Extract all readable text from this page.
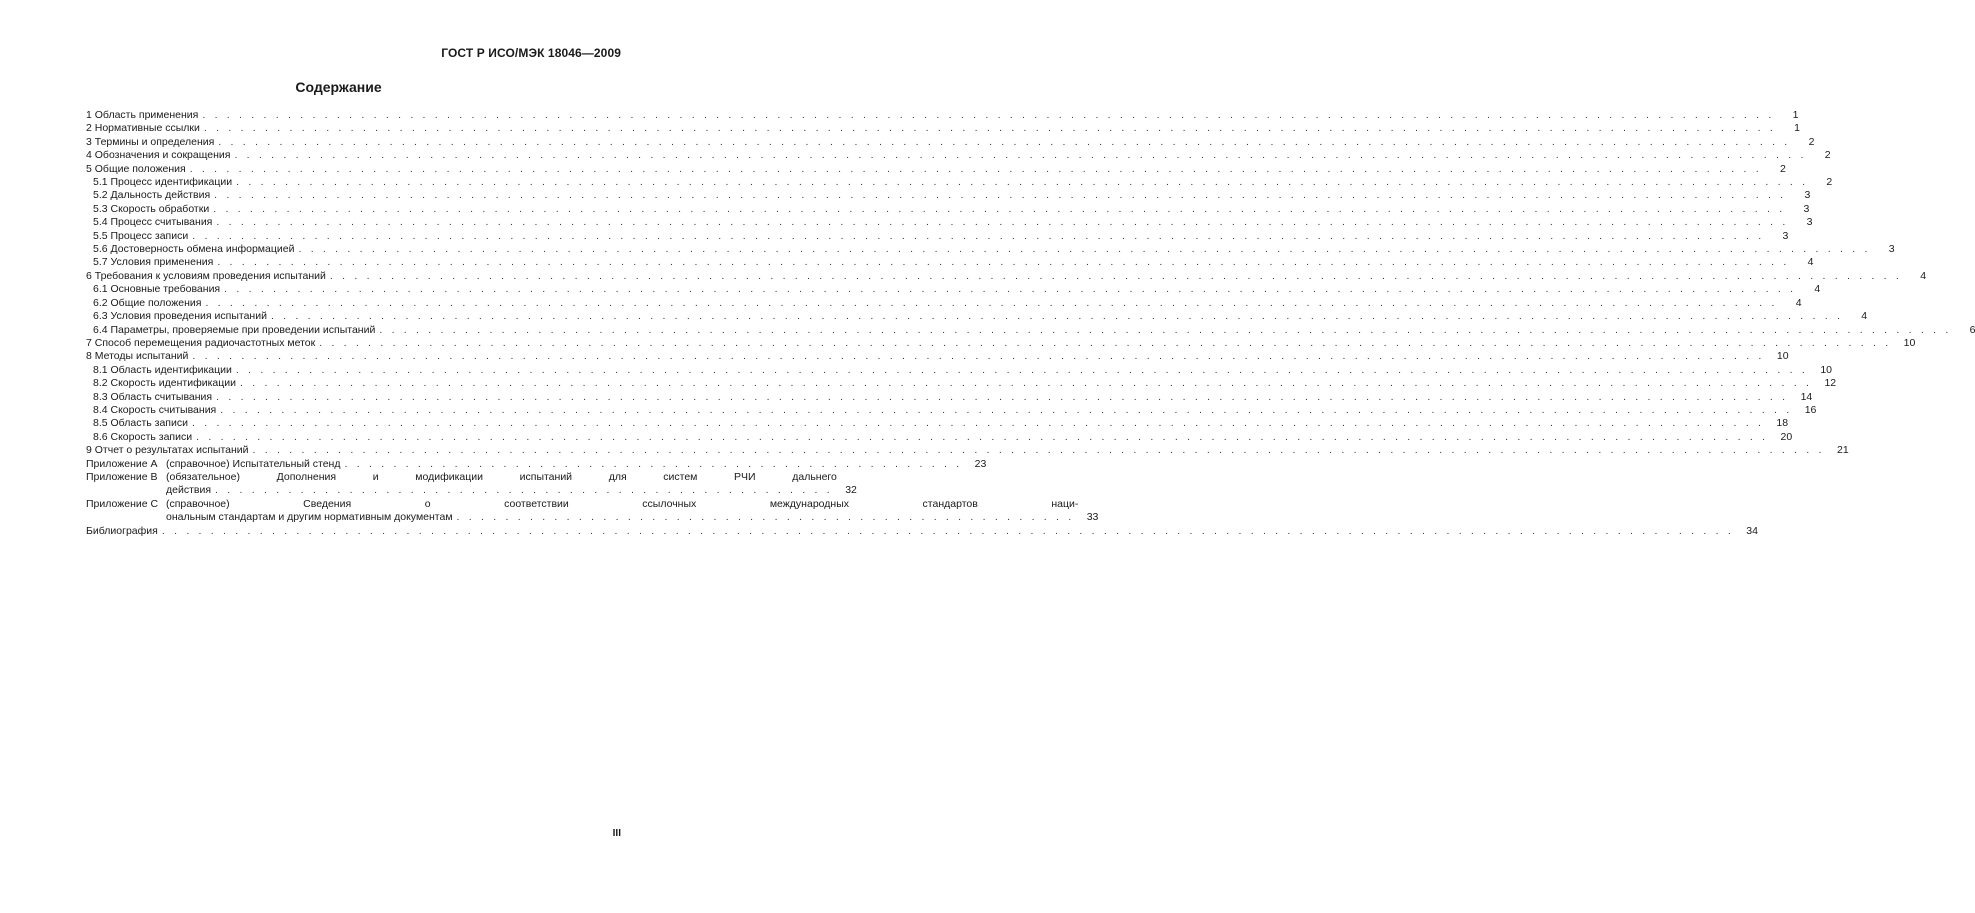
ГОСТ Р ИСО/МЭК 18046—2009
Содержание
1 Область применения . . .	1
2 Нормативные ссылки . . .	1
3 Термины и определения . . .	2
4 Обозначения и сокращения . . .	2
5 Общие положения . . .	2
5.1 Процесс идентификации . . .	2
5.2 Дальность действия . . .	3
5.3 Скорость обработки . . .	3
5.4 Процесс считывания . . .	3
5.5 Процесс записи . . .	3
5.6 Достоверность обмена информацией . . .	3
5.7 Условия применения . . .	4
6 Требования к условиям проведения испытаний . . .	4
6.1 Основные требования . . .	4
6.2 Общие положения . . .	4
6.3 Условия проведения испытаний . . .	4
6.4 Параметры, проверяемые при проведении испытаний . . .	6
7 Способ перемещения радиочастотных меток . . .	10
8 Методы испытаний . . .	10
8.1 Область идентификации . . .	10
8.2 Скорость идентификации . . .	12
8.3 Область считывания . . .	14
8.4 Скорость считывания . . .	16
8.5 Область записи . . .	18
8.6 Скорость записи . . .	20
9 Отчет о результатах испытаний . . .	21
Приложение А (справочное) Испытательный стенд . . . . . . . . . . . . . . . . . . . . . . . . . . . . . . . . . . . . . . . . . . . . . . . . . . .	23
Приложение В (обязательное) Дополнения и модификации испытаний для систем РЧИ дальнего
действия . . . . . . . . . . . . . . . . . . . . . . . . . . . . . . . . . . . . . . . . . . . . . . . . . . .	32
Приложение С (справочное) Сведения о соответствии ссылочных международных стандартов нaци-
ональным стандартам и другим нормативным документам . . . . . . . . . . . . . . . . . . . . . . . . . . . . . . . . . . . . . . . . . . . . . . . . . . .	33
Библиография . . .	34
III
